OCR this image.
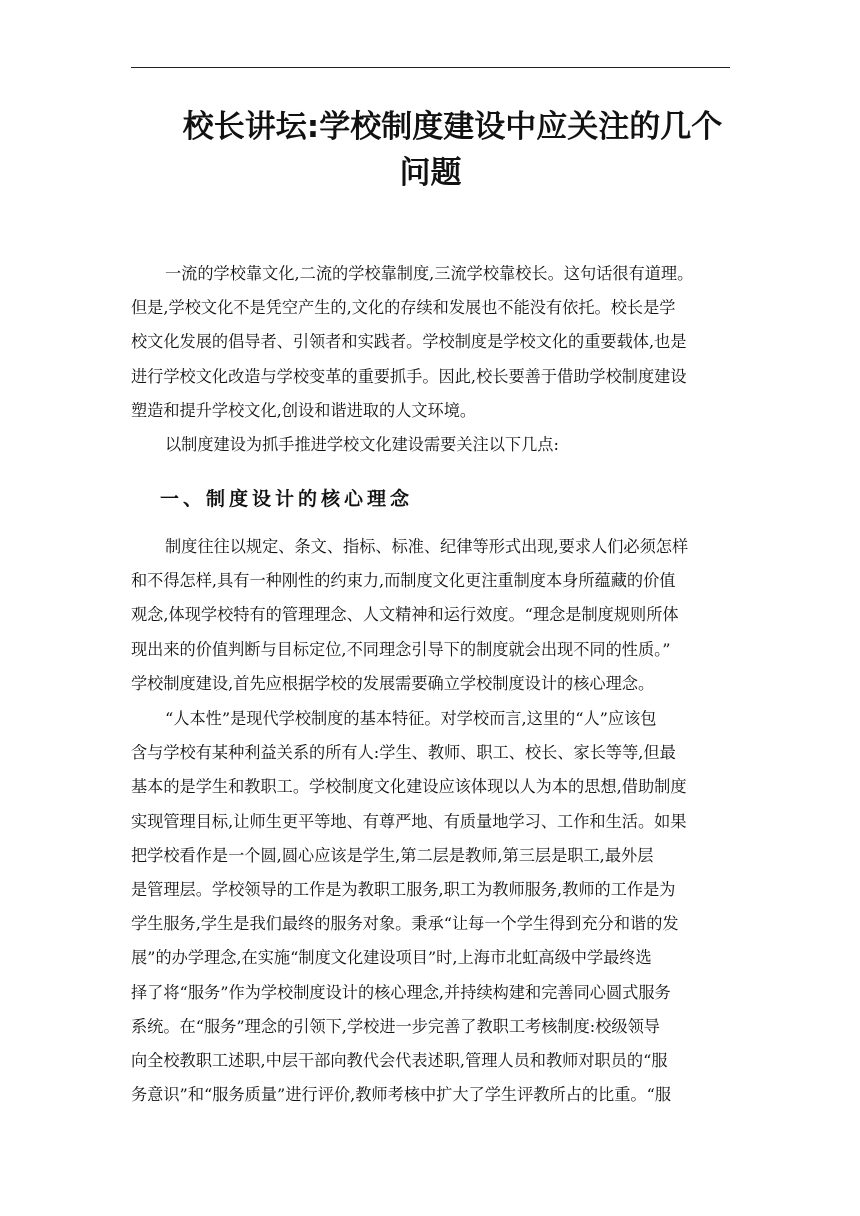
校长讲坛:学校制度建设中应关注的几个
问题

一流的学校靠文化,二流的学校靠制度,三流学校靠校长。这句话很有道理。
但是,学校文化不是凭空产生的,文化的存续和发展也不能没有依托。校长是学
校文化发展的倡导者、引领者和实践者。学校制度是学校文化的重要载体,也是
进行学校文化改造与学校变革的重要抓手。因此,校长要善于借助学校制度建设
塑造和提升学校文化,创设和谐进取的人文环境。

以制度建设为抓手推进学校文化建设需要关注以下几点:

一、制度设计的核心理念

制度往往以规定、条文、指标、标准、纪律等形式出现,要求人们必须怎样
和不得怎样,具有一种刚性的约束力,而制度文化更注重制度本身所蕴藏的价值
观念,体现学校特有的管理理念、人文精神和运行效度。“理念是制度规则所体
现出来的价值判断与目标定位,不同理念引导下的制度就会出现不同的性质。”
学校制度建设,首先应根据学校的发展需要确立学校制度设计的核心理念。

“人本性”是现代学校制度的基本特征。对学校而言,这里的“人”应该包
含与学校有某种利益关系的所有人:学生、教师、职工、校长、家长等等,但最
基本的是学生和教职工。学校制度文化建设应该体现以人为本的思想,借助制度
实现管理目标,让师生更平等地、有尊严地、有质量地学习、工作和生活。如果
把学校看作是一个圆,圆心应该是学生,第二层是教师,第三层是职工,最外层
是管理层。学校领导的工作是为教职工服务,职工为教师服务,教师的工作是为
学生服务,学生是我们最终的服务对象。秉承“让每一个学生得到充分和谐的发
展”的办学理念,在实施“制度文化建设项目”时,上海市北虹高级中学最终选
择了将“服务”作为学校制度设计的核心理念,并持续构建和完善同心圆式服务
系统。在“服务”理念的引领下,学校进一步完善了教职工考核制度:校级领导
向全校教职工述职,中层干部向教代会代表述职,管理人员和教师对职员的“服
务意识”和“服务质量”进行评价,教师考核中扩大了学生评教所占的比重。“服
